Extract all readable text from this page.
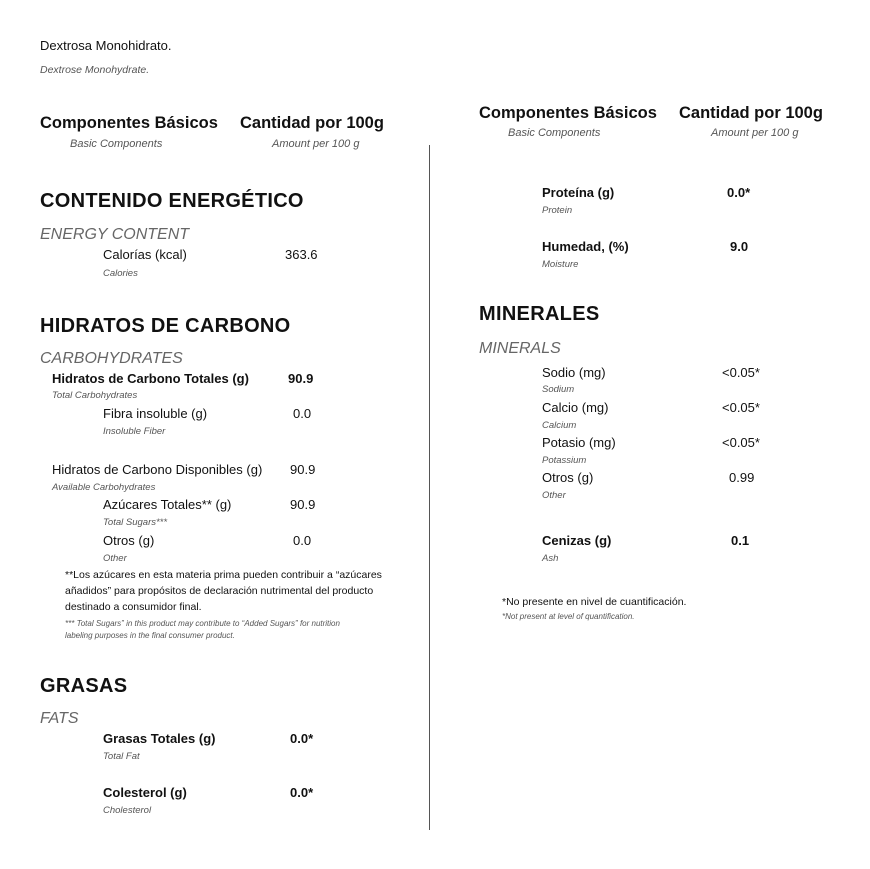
Dextrosa Monohidrato.
Dextrose Monohydrate.
Componentes Básicos
Basic Components
Cantidad por 100g
Amount per 100 g
CONTENIDO ENERGÉTICO
ENERGY CONTENT
Calorías (kcal)
Calories
363.6
HIDRATOS DE CARBONO
CARBOHYDRATES
Hidratos de Carbono Totales (g)
Total Carbohydrates
90.9
Fibra insoluble (g)
Insoluble Fiber
0.0
Hidratos de Carbono Disponibles (g)
Available Carbohydrates
90.9
Azúcares Totales** (g)
Total Sugars***
90.9
Otros (g)
Other
0.0
**Los azúcares en esta materia prima pueden contribuir a “azúcares añadidos” para propósitos de declaración nutrimental del producto destinado a consumidor final.
*** Total Sugars” in this product may contribute to “Added Sugars” for nutrition labeling purposes in the final consumer product.
GRASAS
FATS
Grasas Totales (g)
Total Fat
0.0*
Colesterol (g)
Cholesterol
0.0*
Componentes Básicos
Basic Components
Cantidad por 100g
Amount per 100 g
Proteína (g)
Protein
0.0*
Humedad, (%)
Moisture
9.0
MINERALES
MINERALS
Sodio (mg)
Sodium
<0.05*
Calcio (mg)
Calcium
<0.05*
Potasio (mg)
Potassium
<0.05*
Otros (g)
Other
0.99
Cenizas (g)
Ash
0.1
*No presente en nivel de cuantificación.
*Not present at level of quantification.
